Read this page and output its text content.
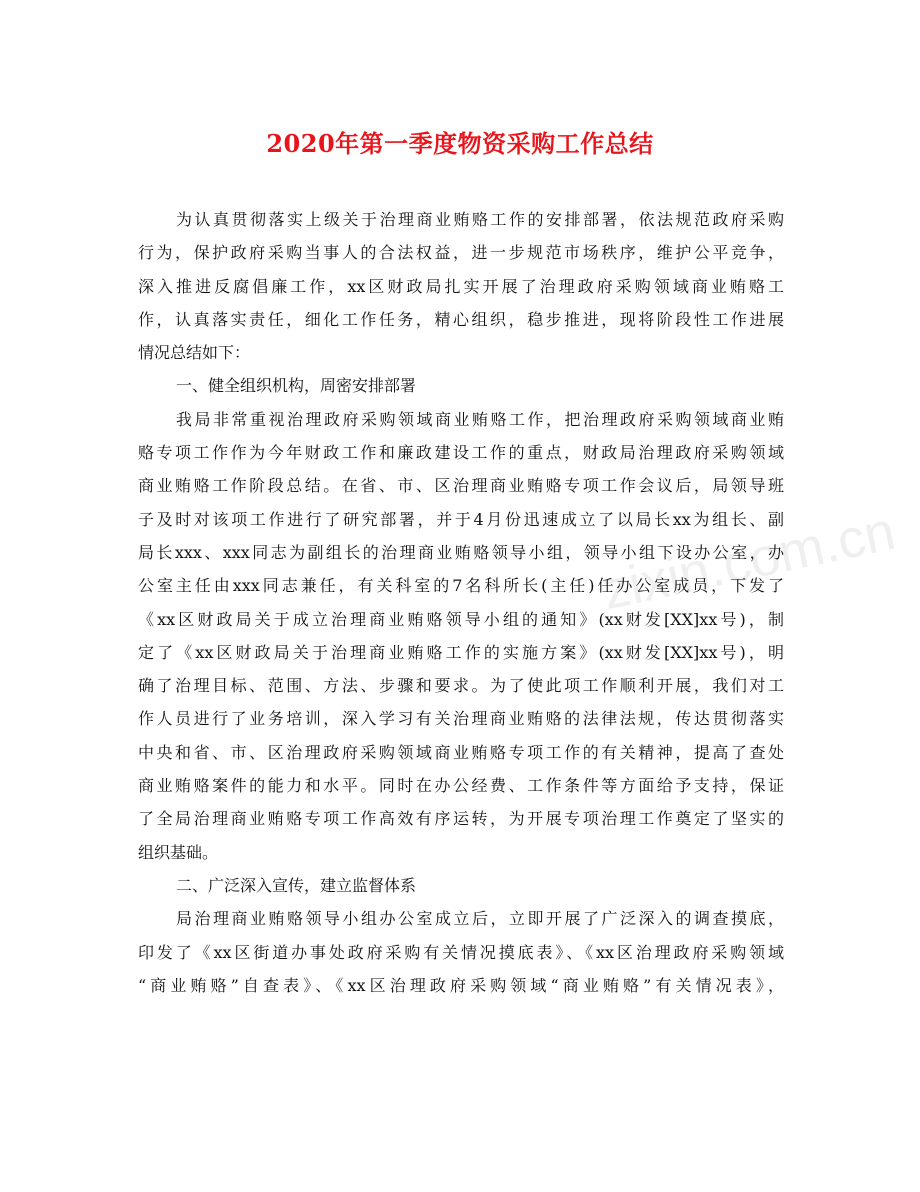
2020年第一季度物资采购工作总结
zixin.com.cn
为认真贯彻落实上级关于治理商业贿赂工作的安排部署，依法规范政府采购
行为，保护政府采购当事人的合法权益，进一步规范市场秩序，维护公平竞争，
深入推进反腐倡廉工作，xx区财政局扎实开展了治理政府采购领域商业贿赂工
作，认真落实责任，细化工作任务，精心组织，稳步推进，现将阶段性工作进展
情况总结如下：
一、健全组织机构，周密安排部署
我局非常重视治理政府采购领域商业贿赂工作，把治理政府采购领域商业贿
赂专项工作作为今年财政工作和廉政建设工作的重点，财政局治理政府采购领域
商业贿赂工作阶段总结。在省、市、区治理商业贿赂专项工作会议后，局领导班
子及时对该项工作进行了研究部署，并于4月份迅速成立了以局长xx为组长、副
局长xxx、xxx同志为副组长的治理商业贿赂领导小组，领导小组下设办公室，办
公室主任由xxx同志兼任，有关科室的7名科所长(主任)任办公室成员，下发了
《xx区财政局关于成立治理商业贿赂领导小组的通知》(xx财发[XX]xx号)，制
定了《xx区财政局关于治理商业贿赂工作的实施方案》(xx财发[XX]xx号)，明
确了治理目标、范围、方法、步骤和要求。为了使此项工作顺利开展，我们对工
作人员进行了业务培训，深入学习有关治理商业贿赂的法律法规，传达贯彻落实
中央和省、市、区治理政府采购领域商业贿赂专项工作的有关精神，提高了查处
商业贿赂案件的能力和水平。同时在办公经费、工作条件等方面给予支持，保证
了全局治理商业贿赂专项工作高效有序运转，为开展专项治理工作奠定了坚实的
组织基础。
二、广泛深入宣传，建立监督体系
局治理商业贿赂领导小组办公室成立后，立即开展了广泛深入的调查摸底，
印发了《xx区街道办事处政府采购有关情况摸底表》、《xx区治理政府采购领域
“商业贿赂”自查表》、《xx区治理政府采购领域“商业贿赂”有关情况表》，
